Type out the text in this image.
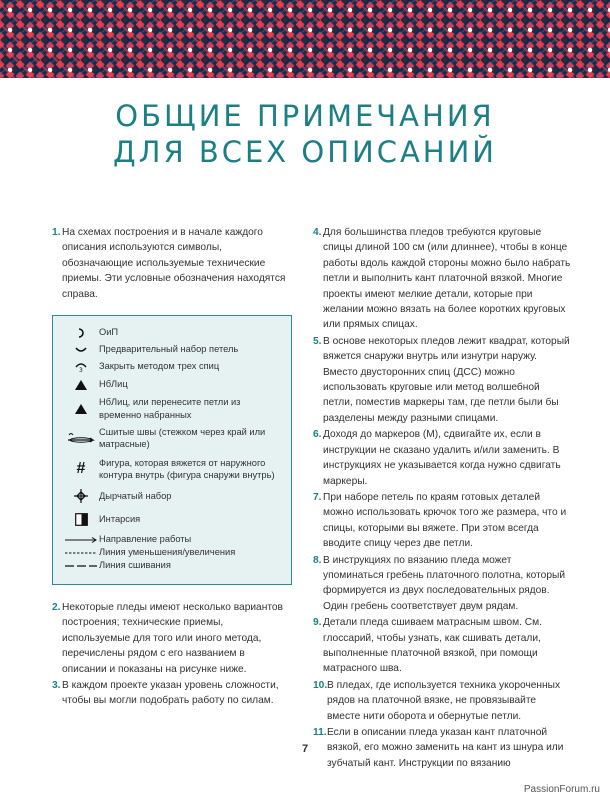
ОБЩИЕ ПРИМЕЧАНИЯ
ДЛЯ ВСЕХ ОПИСАНИЙ
1. На схемах построения и в начале каждого описания используются символы, обозначающие используемые технические приемы. Эти условные обозначения находятся справа.
ОиП
Предварительный набор петель
3 Закрыть методом трех спиц
НбЛиц
НбЛиц, или перенесите петли из временно набранных
Сшитые швы (стежком через край или матрасные)
#	Фигура, которая вяжется от наружного контура внутрь (фигура снаружи внутрь)
Дырчатый набор
Интарсия
Направление работы
Линия уменьшения/увеличения
Линия сшивания
2. Некоторые пледы имеют несколько вариантов построения; технические приемы, используемые для того или иного метода, перечислены рядом с его названием в описании и показаны на рисунке ниже.
3. В каждом проекте указан уровень сложности, чтобы вы могли подобрать работу по силам.
4. Для большинства пледов требуются круговые спицы длиной 100 см (или длиннее), чтобы в конце работы вдоль каждой стороны можно было набрать петли и выполнить кант платочной вязкой. Многие проекты имеют мелкие детали, которые при желании можно вязать на более коротких круговых или прямых спицах.
5. В основе некоторых пледов лежит квадрат, который вяжется снаружи внутрь или изнутри наружу. Вместо двусторонних спиц (ДСС) можно использовать круговые или метод волшебной петли, поместив маркеры там, где петли были бы разделены между разными спицами.
6. Доходя до маркеров (М), сдвигайте их, если в инструкции не сказано удалить и/или заменить. В инструкциях не указывается когда нужно сдвигать маркеры.
7. При наборе петель по краям готовых деталей можно использовать крючок того же размера, что и спицы, которыми вы вяжете. При этом всегда вводите спицу через две петли.
8. В инструкциях по вязанию пледа может упоминаться гребень платочного полотна, который формируется из двух последовательных рядов. Один гребень соответствует двум рядам.
9. Детали пледа сшиваем матрасным швом. См. глоссарий, чтобы узнать, как сшивать детали, выполненные платочной вязкой, при помощи матрасного шва.
10. В пледах, где используется техника укороченных рядов на платочной вязке, не провязывайте вместе нити оборота и обернутые петли.
11. Если в описании пледа указан кант платочной вязкой, его можно заменить на кант из шнура или зубчатый кант. Инструкции по вязанию
7
PassionForum.ru
